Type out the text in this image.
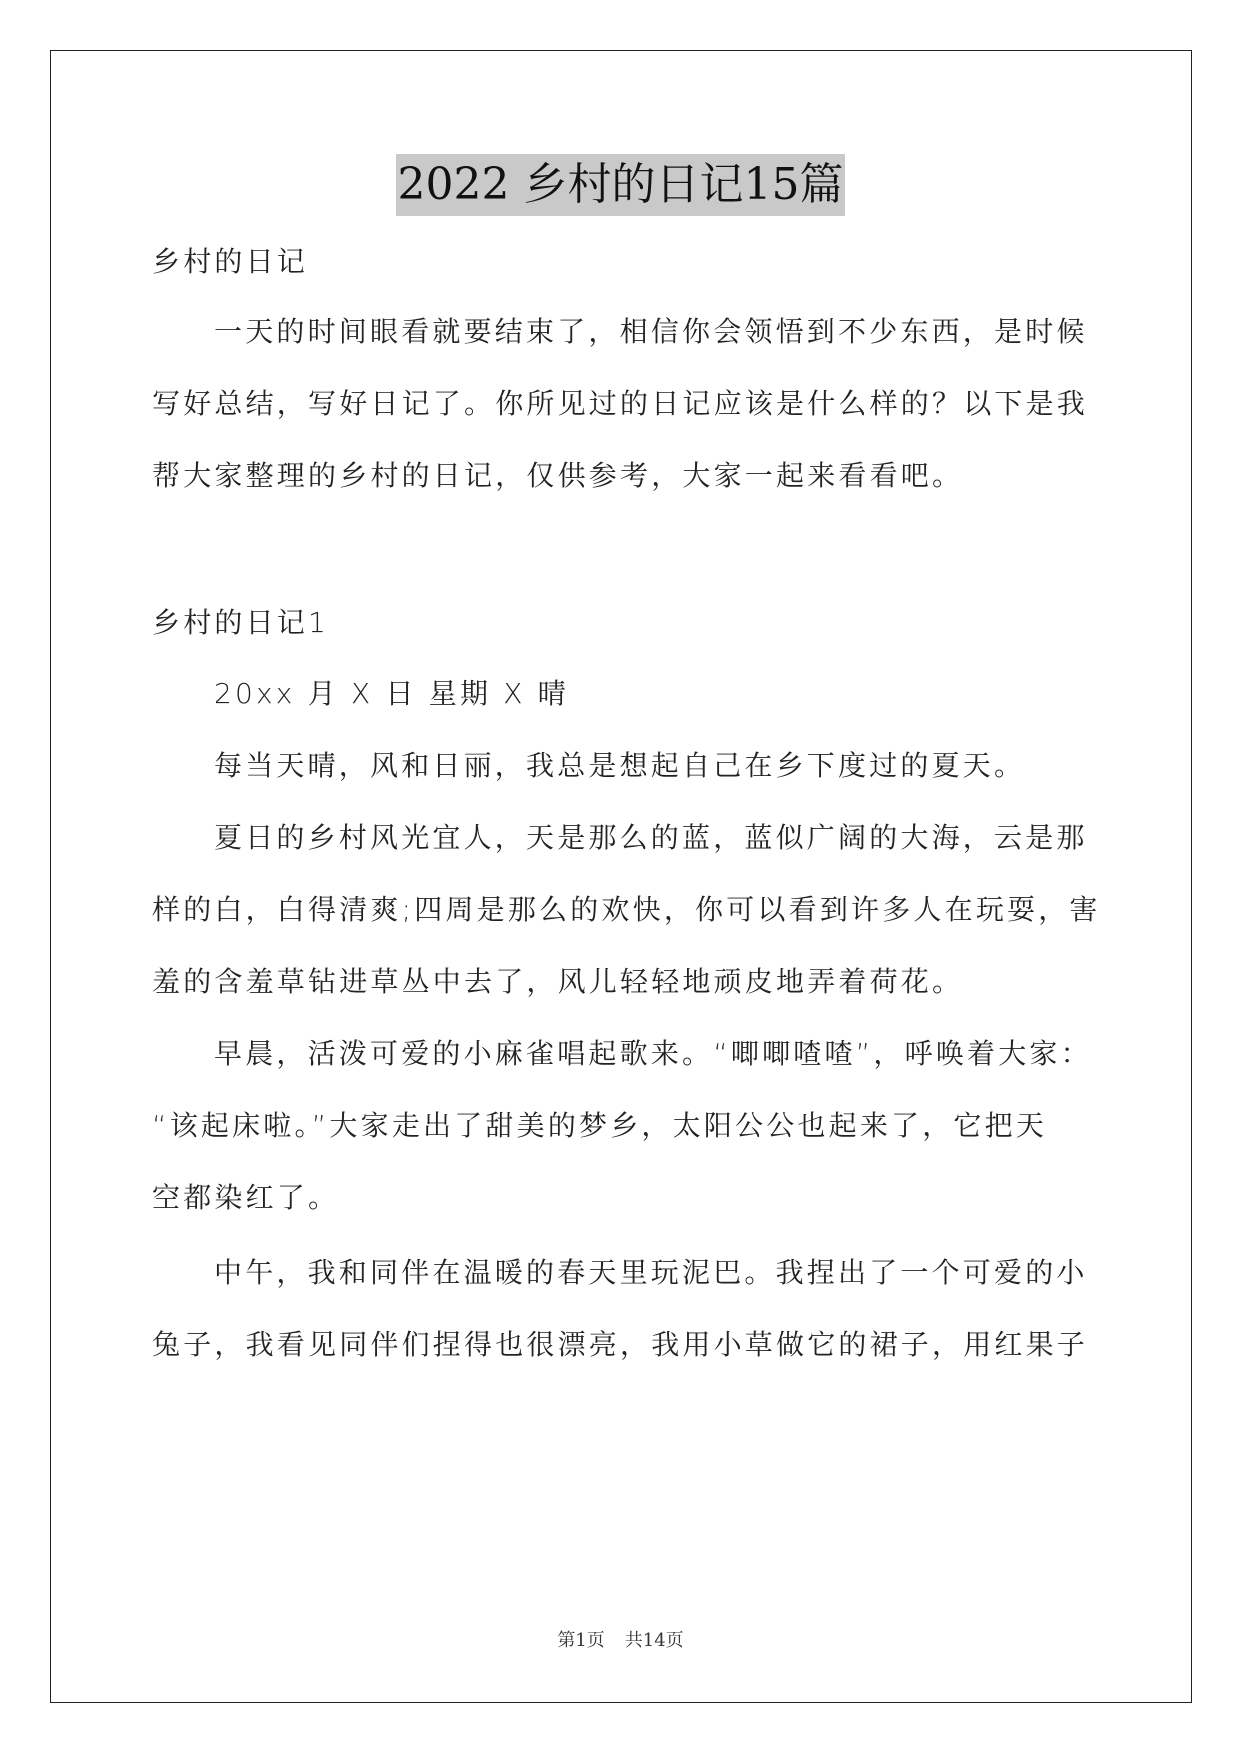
2022 乡村的日记15篇
乡村的日记
一天的时间眼看就要结束了，相信你会领悟到不少东西，是时候
写好总结，写好日记了。你所见过的日记应该是什么样的？以下是我
帮大家整理的乡村的日记，仅供参考，大家一起来看看吧。
乡村的日记1
20xx 月 X 日 星期 X 晴
每当天晴，风和日丽，我总是想起自己在乡下度过的夏天。
夏日的乡村风光宜人，天是那么的蓝，蓝似广阔的大海，云是那
样的白，白得清爽;四周是那么的欢快，你可以看到许多人在玩耍，害
羞的含羞草钻进草丛中去了，风儿轻轻地顽皮地弄着荷花。
早晨，活泼可爱的小麻雀唱起歌来。“唧唧喳喳”，呼唤着大家：
“该起床啦。”大家走出了甜美的梦乡，太阳公公也起来了，它把天
空都染红了。
中午，我和同伴在温暖的春天里玩泥巴。我捏出了一个可爱的小
兔子，我看见同伴们捏得也很漂亮，我用小草做它的裙子，用红果子
第1页 共14页
